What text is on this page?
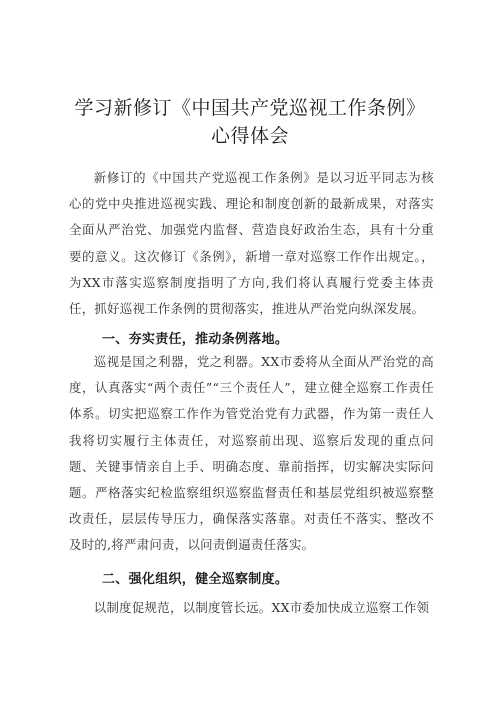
学习新修订《中国共产党巡视工作条例》
心得体会

新修订的《中国共产党巡视工作条例》是以习近平同志为核心的党中央推进巡视实践、理论和制度创新的最新成果，对落实全面从严治党、加强党内监督、营造良好政治生态，具有十分重要的意义。这次修订《条例》，新增一章对巡察工作作出规定。，为XX市落实巡察制度指明了方向,我们将认真履行党委主体责任，抓好巡视工作条例的贯彻落实，推进从严治党向纵深发展。

一、夯实责任，推动条例落地。

巡视是国之利器，党之利器。XX市委将从全面从严治党的高度，认真落实“两个责任”“三个责任人”，建立健全巡察工作责任体系。切实把巡察工作作为管党治党有力武器，作为第一责任人我将切实履行主体责任，对巡察前出现、巡察后发现的重点问题、关键事情亲自上手、明确态度、靠前指挥，切实解决实际问题。严格落实纪检监察组织巡察监督责任和基层党组织被巡察整改责任，层层传导压力，确保落实落靠。对责任不落实、整改不及时的,将严肃问责，以问责倒逼责任落实。

二、强化组织，健全巡察制度。

以制度促规范，以制度管长远。XX市委加快成立巡察工作领
